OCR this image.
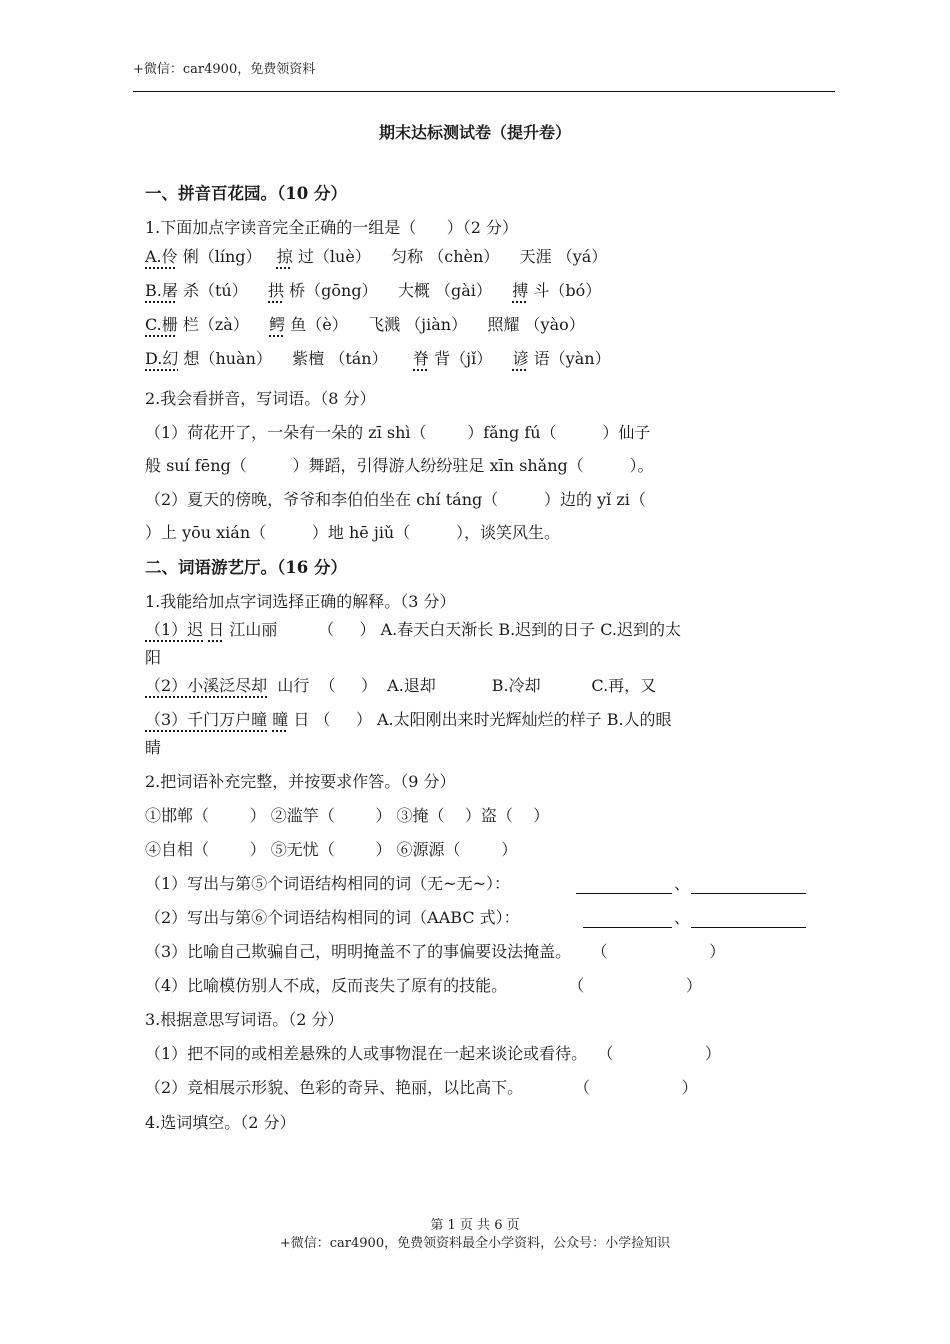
+微信：car4900，免费领资料
期末达标测试卷（提升卷）
一、拼音百花园。（10 分）
1.下面加点字读音完全正确的一组是（      ）（2 分）
A.伶 俐（líng）   掠 过（luè）    匀称 （chèn）    天涯 （yá）
B.屠 杀（tú）    拱 桥（gōng）    大概 （gài）    搏 斗（bó）
C.栅 栏（zà）    鳄 鱼（è）    飞溅 （jiàn）    照耀 （yào）
D.幻 想（huàn）    紫檀 （tán）     脊 背（jǐ）    谚 语（yàn）
2.我会看拼音，写词语。（8 分）
（1）荷花开了，一朵有一朵的 zī shì（        ）fǎng fú（         ）仙子
般 suí fēng（         ）舞蹈，引得游人纷纷驻足 xīn shǎng（         ）。
（2）夏天的傍晚，爷爷和李伯伯坐在 chí táng（         ）边的 yǐ zi（
）上 yōu xián（         ）地 hē jiǔ（         ），谈笑风生。
二、词语游艺厅。（16 分）
1.我能给加点字词选择正确的解释。（3 分）
（1）迟 日 江山丽        （     ） A.春天白天渐长 B.迟到的日子 C.迟到的太
阳
（2）小溪泛尽却  山行  （     ）  A.退却           B.冷却          C.再，又
（3）千门万户曈 曈 日 （     ） A.太阳刚出来时光辉灿烂的样子 B.人的眼
睛
2.把词语补充完整，并按要求作答。（9 分）
①邯郸（        ） ②滥竽（        ） ③掩（    ）盗（    ）
④自相（        ） ⑤无忧（        ） ⑥源源（        ）
（1）写出与第⑤个词语结构相同的词（无~无~）：	、
（2）写出与第⑥个词语结构相同的词（AABC 式）：	、
（3）比喻自己欺骗自己，明明掩盖不了的事偏要设法掩盖。    （                    ）
（4）比喻模仿别人不成，反而丧失了原有的技能。            （                    ）
3.根据意思写词语。（2 分）
（1）把不同的或相差悬殊的人或事物混在一起来谈论或看待。  （                  ）
（2）竞相展示形貌、色彩的奇异、艳丽，以比高下。          （                  ）
4.选词填空。（2 分）
第 1 页 共 6 页
+微信：car4900，免费领资料最全小学资料，公众号：小学捡知识
